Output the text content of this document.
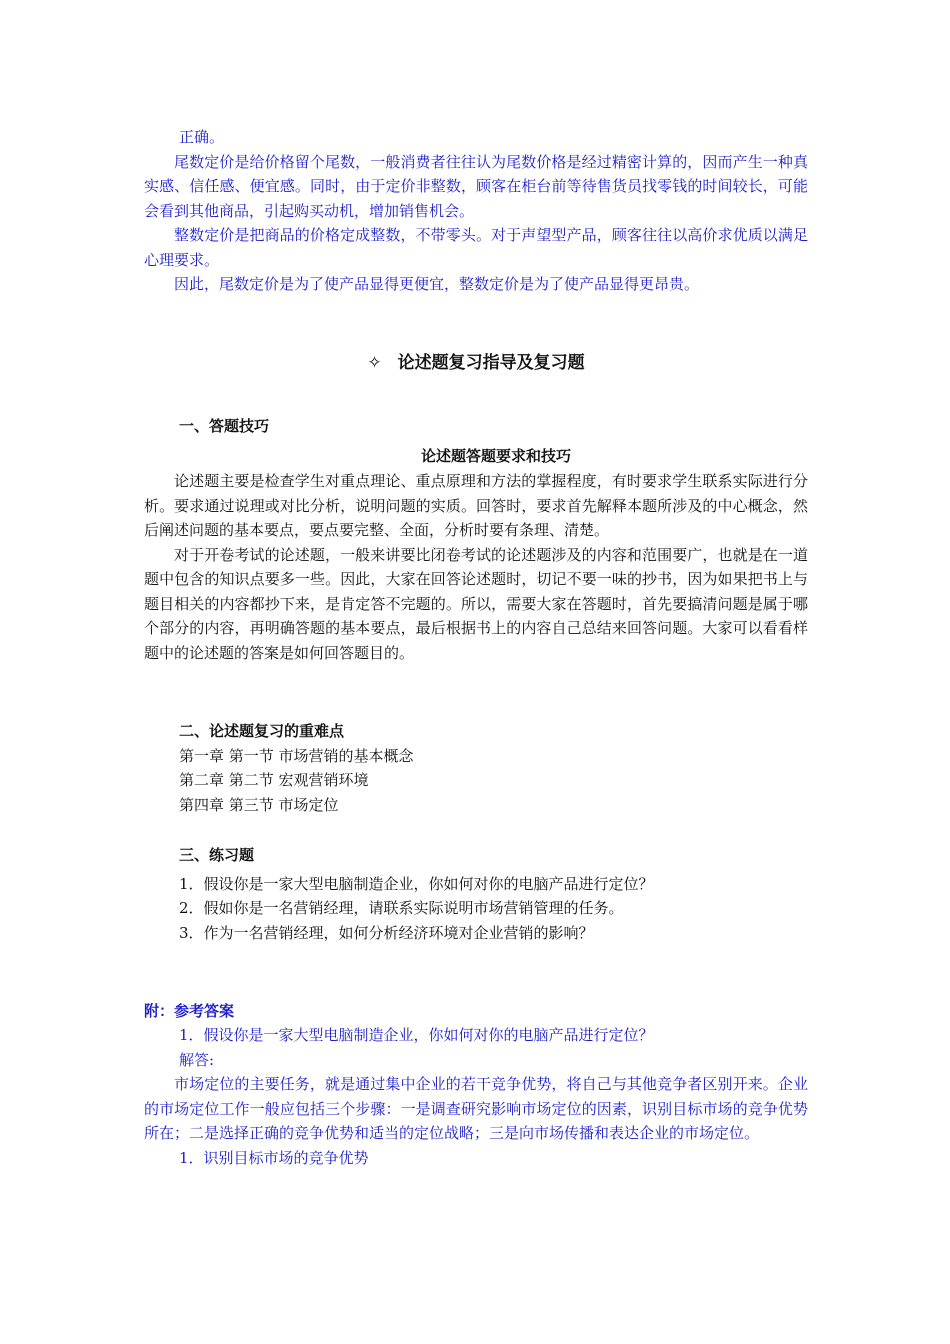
正确。

尾数定价是给价格留个尾数，一般消费者往往认为尾数价格是经过精密计算的，因而产生一种真实感、信任感、便宜感。同时，由于定价非整数，顾客在柜台前等待售货员找零钱的时间较长，可能会看到其他商品，引起购买动机，增加销售机会。

整数定价是把商品的价格定成整数，不带零头。对于声望型产品，顾客往往以高价求优质以满足心理要求。

因此，尾数定价是为了使产品显得更便宜，整数定价是为了使产品显得更昂贵。

✧ 论述题复习指导及复习题

一、答题技巧

论述题答题要求和技巧

论述题主要是检查学生对重点理论、重点原理和方法的掌握程度，有时要求学生联系实际进行分析。要求通过说理或对比分析，说明问题的实质。回答时，要求首先解释本题所涉及的中心概念，然后阐述问题的基本要点，要点要完整、全面，分析时要有条理、清楚。

对于开卷考试的论述题，一般来讲要比闭卷考试的论述题涉及的内容和范围要广，也就是在一道题中包含的知识点要多一些。因此，大家在回答论述题时，切记不要一味的抄书，因为如果把书上与题目相关的内容都抄下来，是肯定答不完题的。所以，需要大家在答题时，首先要搞清问题是属于哪个部分的内容，再明确答题的基本要点，最后根据书上的内容自己总结来回答问题。大家可以看看样题中的论述题的答案是如何回答题目的。

二、论述题复习的重难点

第一章 第一节 市场营销的基本概念

第二章 第二节 宏观营销环境

第四章 第三节 市场定位

三、练习题

1．假设你是一家大型电脑制造企业，你如何对你的电脑产品进行定位？

2．假如你是一名营销经理，请联系实际说明市场营销管理的任务。

3．作为一名营销经理，如何分析经济环境对企业营销的影响？

附：参考答案

1．假设你是一家大型电脑制造企业，你如何对你的电脑产品进行定位？

解答:

市场定位的主要任务，就是通过集中企业的若干竞争优势，将自己与其他竞争者区别开来。企业的市场定位工作一般应包括三个步骤：一是调查研究影响市场定位的因素，识别目标市场的竞争优势所在；二是选择正确的竞争优势和适当的定位战略；三是向市场传播和表达企业的市场定位。

1．识别目标市场的竞争优势
